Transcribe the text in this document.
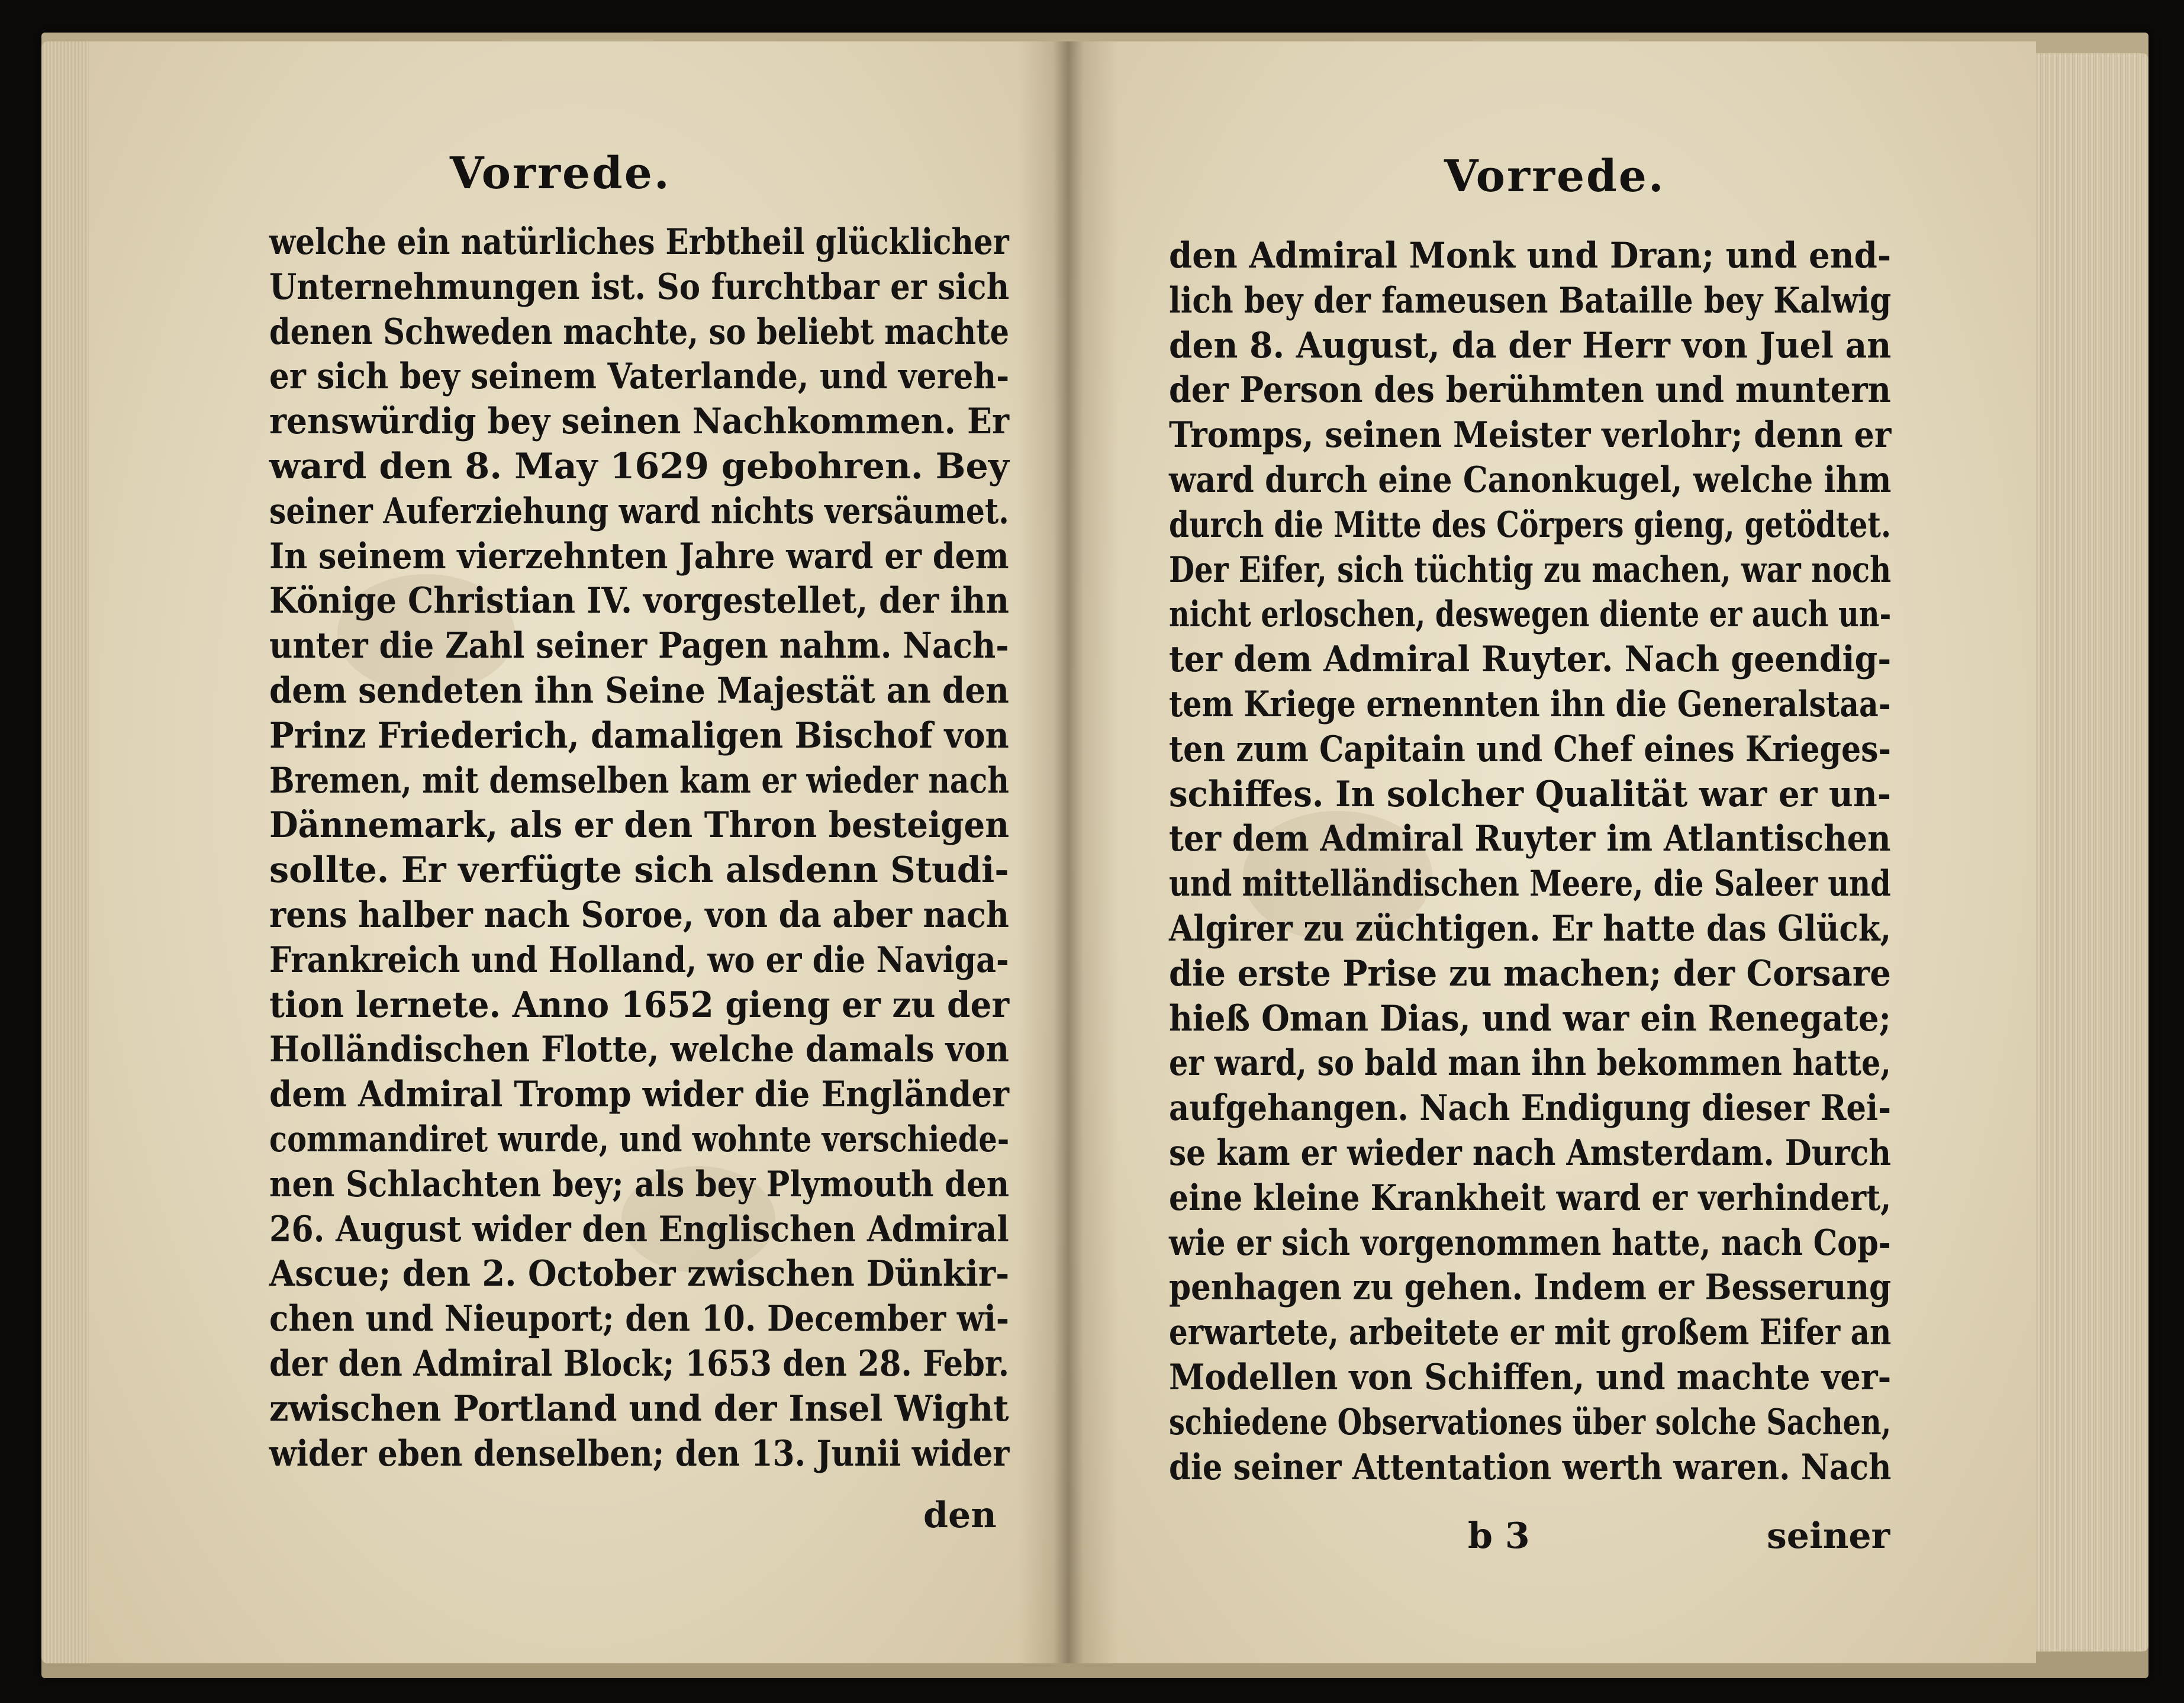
Vorrede.	Vorrede.
welche ein natürliches Erbtheil glücklicher
Unternehmungen ist. So furchtbar er sich
denen Schweden machte, so beliebt machte
er sich bey seinem Vaterlande, und vereh-
renswürdig bey seinen Nachkommen. Er
ward den 8. May 1629 gebohren. Bey
seiner Auferziehung ward nichts versäumet.
In seinem vierzehnten Jahre ward er dem
Könige Christian IV. vorgestellet, der ihn
unter die Zahl seiner Pagen nahm. Nach-
dem sendeten ihn Seine Majestät an den
Prinz Friederich, damaligen Bischof von
Bremen, mit demselben kam er wieder nach
Dännemark, als er den Thron besteigen
sollte. Er verfügte sich alsdenn Studi-
rens halber nach Soroe, von da aber nach
Frankreich und Holland, wo er die Naviga-
tion lernete. Anno 1652 gieng er zu der
Holländischen Flotte, welche damals von
dem Admiral Tromp wider die Engländer
commandiret wurde, und wohnte verschiede-
nen Schlachten bey; als bey Plymouth den
26. August wider den Englischen Admiral
Ascue; den 2. October zwischen Dünkir-
chen und Nieuport; den 10. December wi-
der den Admiral Block; 1653 den 28. Febr.
zwischen Portland und der Insel Wight
wider eben denselben; den 13. Junii wider
den Admiral Monk und Dran; und end-
lich bey der fameusen Bataille bey Kalwig
den 8. August, da der Herr von Juel an
der Person des berühmten und muntern
Tromps, seinen Meister verlohr; denn er
ward durch eine Canonkugel, welche ihm
durch die Mitte des Cörpers gieng, getödtet.
Der Eifer, sich tüchtig zu machen, war noch
nicht erloschen, deswegen diente er auch un-
ter dem Admiral Ruyter. Nach geendig-
tem Kriege ernennten ihn die Generalstaa-
ten zum Capitain und Chef eines Krieges-
schiffes. In solcher Qualität war er un-
ter dem Admiral Ruyter im Atlantischen
und mittelländischen Meere, die Saleer und
Algirer zu züchtigen. Er hatte das Glück,
die erste Prise zu machen; der Corsare
hieß Oman Dias, und war ein Renegate;
er ward, so bald man ihn bekommen hatte,
aufgehangen. Nach Endigung dieser Rei-
se kam er wieder nach Amsterdam. Durch
eine kleine Krankheit ward er verhindert,
wie er sich vorgenommen hatte, nach Cop-
penhagen zu gehen. Indem er Besserung
erwartete, arbeitete er mit großem Eifer an
Modellen von Schiffen, und machte ver-
schiedene Observationes über solche Sachen,
die seiner Attentation werth waren. Nach
den	b 3	seiner
